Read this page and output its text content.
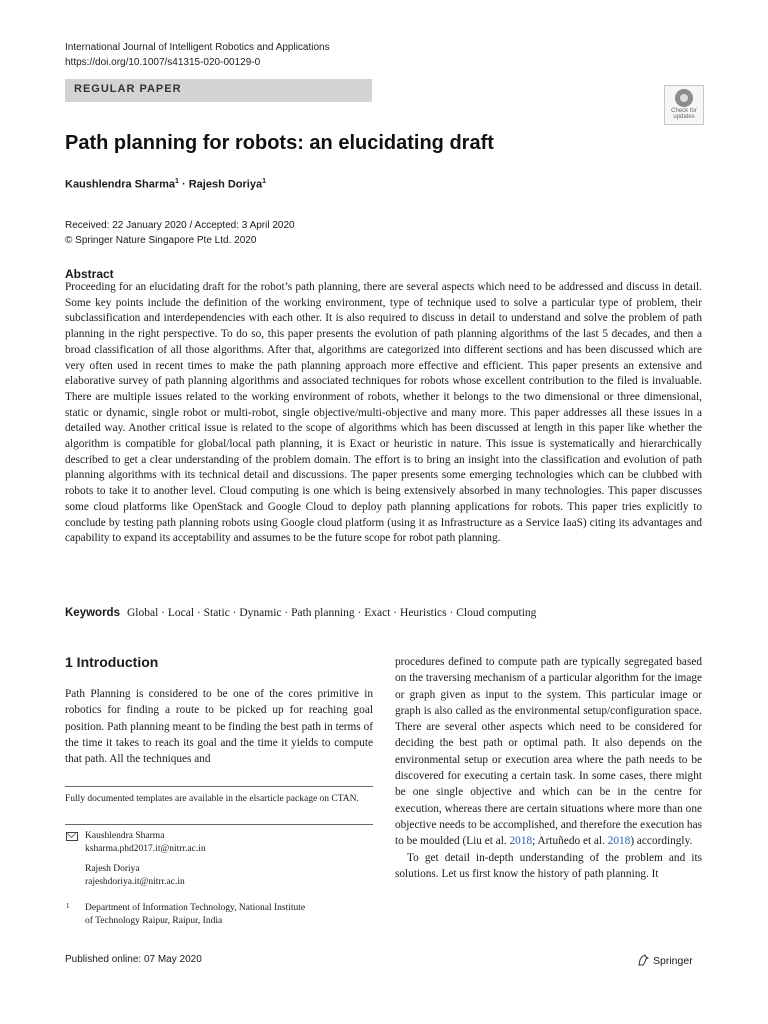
International Journal of Intelligent Robotics and Applications
https://doi.org/10.1007/s41315-020-00129-0
REGULAR PAPER
Check for
updates
Path planning for robots: an elucidating draft
Kaushlendra Sharma$^1$ · Rajesh Doriya$^1$
Received: 22 January 2020 / Accepted: 3 April 2020
© Springer Nature Singapore Pte Ltd. 2020
Abstract
Proceeding for an elucidating draft for the robot’s path planning, there are several aspects which need to be addressed and discuss in detail. Some key points include the definition of the working environment, type of technique used to solve a particular type of problem, their subclassification and interdependencies with each other. It is also required to discuss in detail to understand and solve the problem of path planning in the right perspective. To do so, this paper presents the evolution of path planning algorithms of the last 5 decades, and then a broad classification of all those algorithms. After that, algorithms are categorized into different sections and has been discussed which are very often used in recent times to make the path planning approach more effective and efficient. This paper presents an extensive and elaborative survey of path planning algorithms and associated techniques for robots whose excellent contribution to the filed is invaluable. There are multiple issues related to the working environment of robots, whether it belongs to the two dimensional or three dimensional, static or dynamic, single robot or multi-robot, single objective/multi-objective and many more. This paper addresses all these issues in a detailed way. Another critical issue is related to the scope of algorithms which has been discussed at length in this paper like whether the algorithm is compatible for global/local path planning, it is Exact or heuristic in nature. This issue is systematically and hierarchically described to get a clear understanding of the problem domain. The effort is to bring an insight into the classification and evolution of path planning algorithms with its technical detail and discussions. The paper presents some emerging technologies which can be clubbed with robots to take it to another level. Cloud computing is one which is being extensively absorbed in many technologies. This paper discusses some cloud platforms like OpenStack and Google Cloud to deploy path planning applications for robots. This paper tries explicitly to conclude by testing path planning robots using Google cloud platform (using it as Infrastructure as a Service IaaS) citing its advantages and capability to expand its acceptability and assumes to be the future scope for robot path planning.
Keywords Global · Local · Static · Dynamic · Path planning · Exact · Heuristics · Cloud computing
1 Introduction
Path Planning is considered to be one of the cores primitive in robotics for finding a route to be picked up for reaching goal position. Path planning meant to be finding the best path in terms of the time it takes to reach its goal and the time it yields to compute that path. All the techniques and
Fully documented templates are available in the elsarticle package on CTAN.
Kaushlendra Sharma
ksharma.phd2017.it@nitrr.ac.in
Rajesh Doriya
rajeshdoriya.it@nitrr.ac.in
1	Department of Information Technology, National Institute
of Technology Raipur, Raipur, India

procedures defined to compute path are typically segregated based on the traversing mechanism of a particular algorithm for the image or graph given as input to the system. This particular image or graph is also called as the environmental setup/configuration space. There are several other aspects which need to be considered for deciding the best path or optimal path. It also depends on the environmental setup or execution area where the path needs to be discovered for executing a certain task. In some cases, there might be one single objective and which can be in the centre for execution, whereas there are certain situations where more than one objective needs to be accomplished, and therefore the execution has to be moulded (Liu et al. 2018; Artuñedo et al. 2018) accordingly.

To get detail in-depth understanding of the problem and its solutions. Let us first know the history of path planning. It

Published online: 07 May 2020	Springer
